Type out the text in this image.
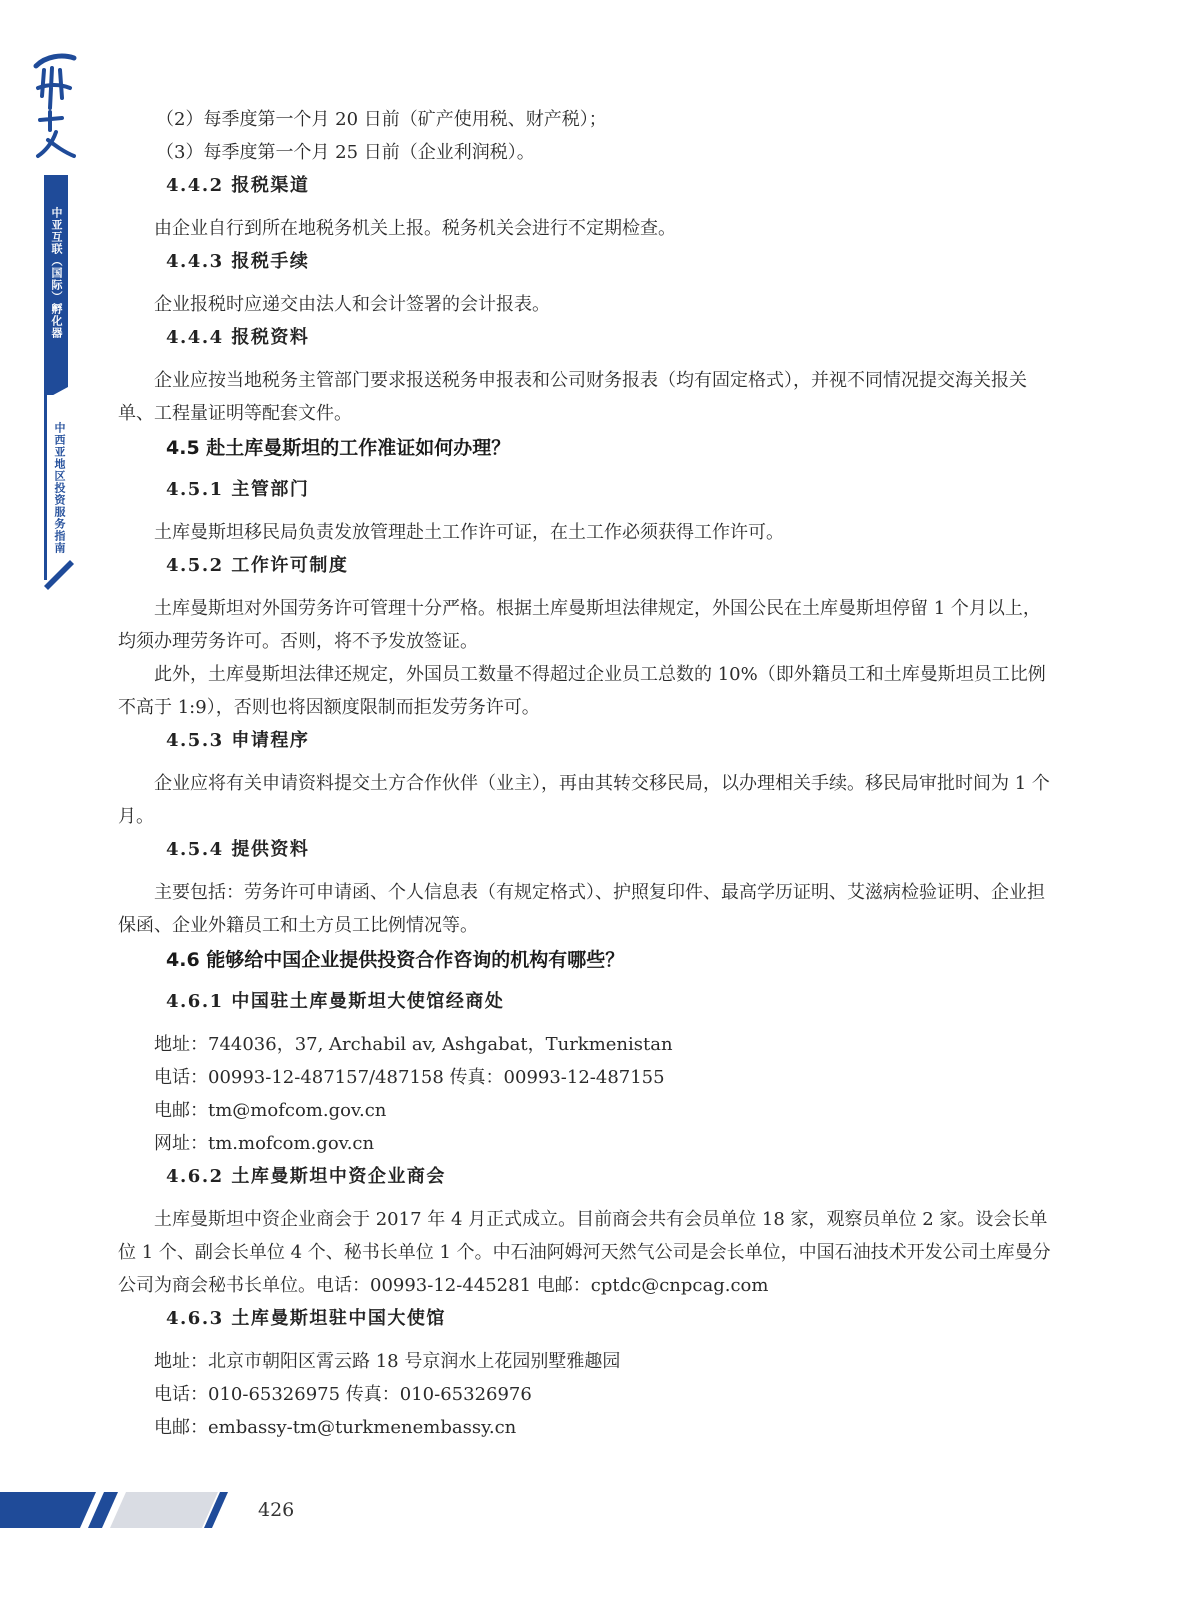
中亚互联（国际）孵化器
中西亚地区投资服务指南

（2）每季度第一个月 20 日前（矿产使用税、财产税）；

（3）每季度第一个月 25 日前（企业利润税）。

4.4.2 报税渠道

由企业自行到所在地税务机关上报。税务机关会进行不定期检查。

4.4.3 报税手续

企业报税时应递交由法人和会计签署的会计报表。

4.4.4 报税资料

企业应按当地税务主管部门要求报送税务申报表和公司财务报表（均有固定格式），并视不同情况提交海关报关单、工程量证明等配套文件。

4.5 赴土库曼斯坦的工作准证如何办理？
4.5.1 主管部门

土库曼斯坦移民局负责发放管理赴土工作许可证，在土工作必须获得工作许可。

4.5.2 工作许可制度

土库曼斯坦对外国劳务许可管理十分严格。根据土库曼斯坦法律规定，外国公民在土库曼斯坦停留 1 个月以上，均须办理劳务许可。否则，将不予发放签证。

此外，土库曼斯坦法律还规定，外国员工数量不得超过企业员工总数的 10%（即外籍员工和土库曼斯坦员工比例不高于 1:9），否则也将因额度限制而拒发劳务许可。

4.5.3 申请程序

企业应将有关申请资料提交土方合作伙伴（业主），再由其转交移民局，以办理相关手续。移民局审批时间为 1 个月。

4.5.4 提供资料

主要包括：劳务许可申请函、个人信息表（有规定格式）、护照复印件、最高学历证明、艾滋病检验证明、企业担保函、企业外籍员工和土方员工比例情况等。

4.6 能够给中国企业提供投资合作咨询的机构有哪些？
4.6.1 中国驻土库曼斯坦大使馆经商处

地址：744036，37, Archabil av, Ashgabat，Turkmenistan

电话：00993-12-487157/487158 传真：00993-12-487155

电邮：tm@mofcom.gov.cn

网址：tm.mofcom.gov.cn

4.6.2 土库曼斯坦中资企业商会

土库曼斯坦中资企业商会于 2017 年 4 月正式成立。目前商会共有会员单位 18 家，观察员单位 2 家。设会长单位 1 个、副会长单位 4 个、秘书长单位 1 个。中石油阿姆河天然气公司是会长单位，中国石油技术开发公司土库曼分公司为商会秘书长单位。电话：00993-12-445281 电邮：cptdc@cnpcag.com

4.6.3 土库曼斯坦驻中国大使馆

地址：北京市朝阳区霄云路 18 号京润水上花园别墅雅趣园

电话：010-65326975 传真：010-65326976

电邮：embassy-tm@turkmenembassy.cn

426
